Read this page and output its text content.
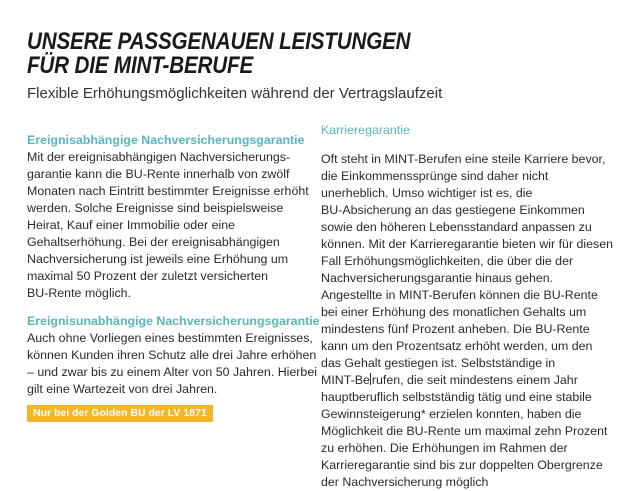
UNSERE PASSGENAUEN LEISTUNGEN
FÜR DIE MINT-BERUFE

Flexible Erhöhungsmöglichkeiten während der Vertragslaufzeit

Ereignisabhängige Nachversicherungsgarantie

Mit der ereignisabhängigen Nachversicherungs-
garantie kann die BU-Rente innerhalb von zwölf
Monaten nach Eintritt bestimmter Ereignisse erhöht
werden. Solche Ereignisse sind beispielsweise
Heirat, Kauf einer Immobilie oder eine
Gehaltserhöhung. Bei der ereignisabhängigen
Nachversicherung ist jeweils eine Erhöhung um
maximal 50 Prozent der zuletzt versicherten
BU-Rente möglich.

Ereignisunabhängige Nachversicherungsgarantie

Auch ohne Vorliegen eines bestimmten Ereignisses,
können Kunden ihren Schutz alle drei Jahre erhöhen
– und zwar bis zu einem Alter von 50 Jahren. Hierbei
gilt eine Wartezeit von drei Jahren.

Nur bei der Golden BU der LV 1871
Karrieregarantie

Oft steht in MINT-Berufen eine steile Karriere bevor,
die Einkommenssprünge sind daher nicht
unerheblich. Umso wichtiger ist es, die
BU-Absicherung an das gestiegene Einkommen
sowie den höheren Lebensstandard anpassen zu
können. Mit der Karrieregarantie bieten wir für diesen
Fall Erhöhungsmöglichkeiten, die über die der
Nachversicherungsgarantie hinaus gehen.
Angestellte in MINT-Berufen können die BU-Rente
bei einer Erhöhung des monatlichen Gehalts um
mindestens fünf Prozent anheben. Die BU-Rente
kann um den Prozentsatz erhöht werden, um den
das Gehalt gestiegen ist. Selbstständige in
MINT-Be rufen, die seit mindestens einem Jahr
hauptberuflich selbstständig tätig und eine stabile
Gewinnsteigerung* erzielen konnten, haben die
Möglichkeit die BU-Rente um maximal zehn Prozent
zu erhöhen. Die Erhöhungen im Rahmen der
Karrieregarantie sind bis zur doppelten Obergrenze
der Nachversicherung möglich
